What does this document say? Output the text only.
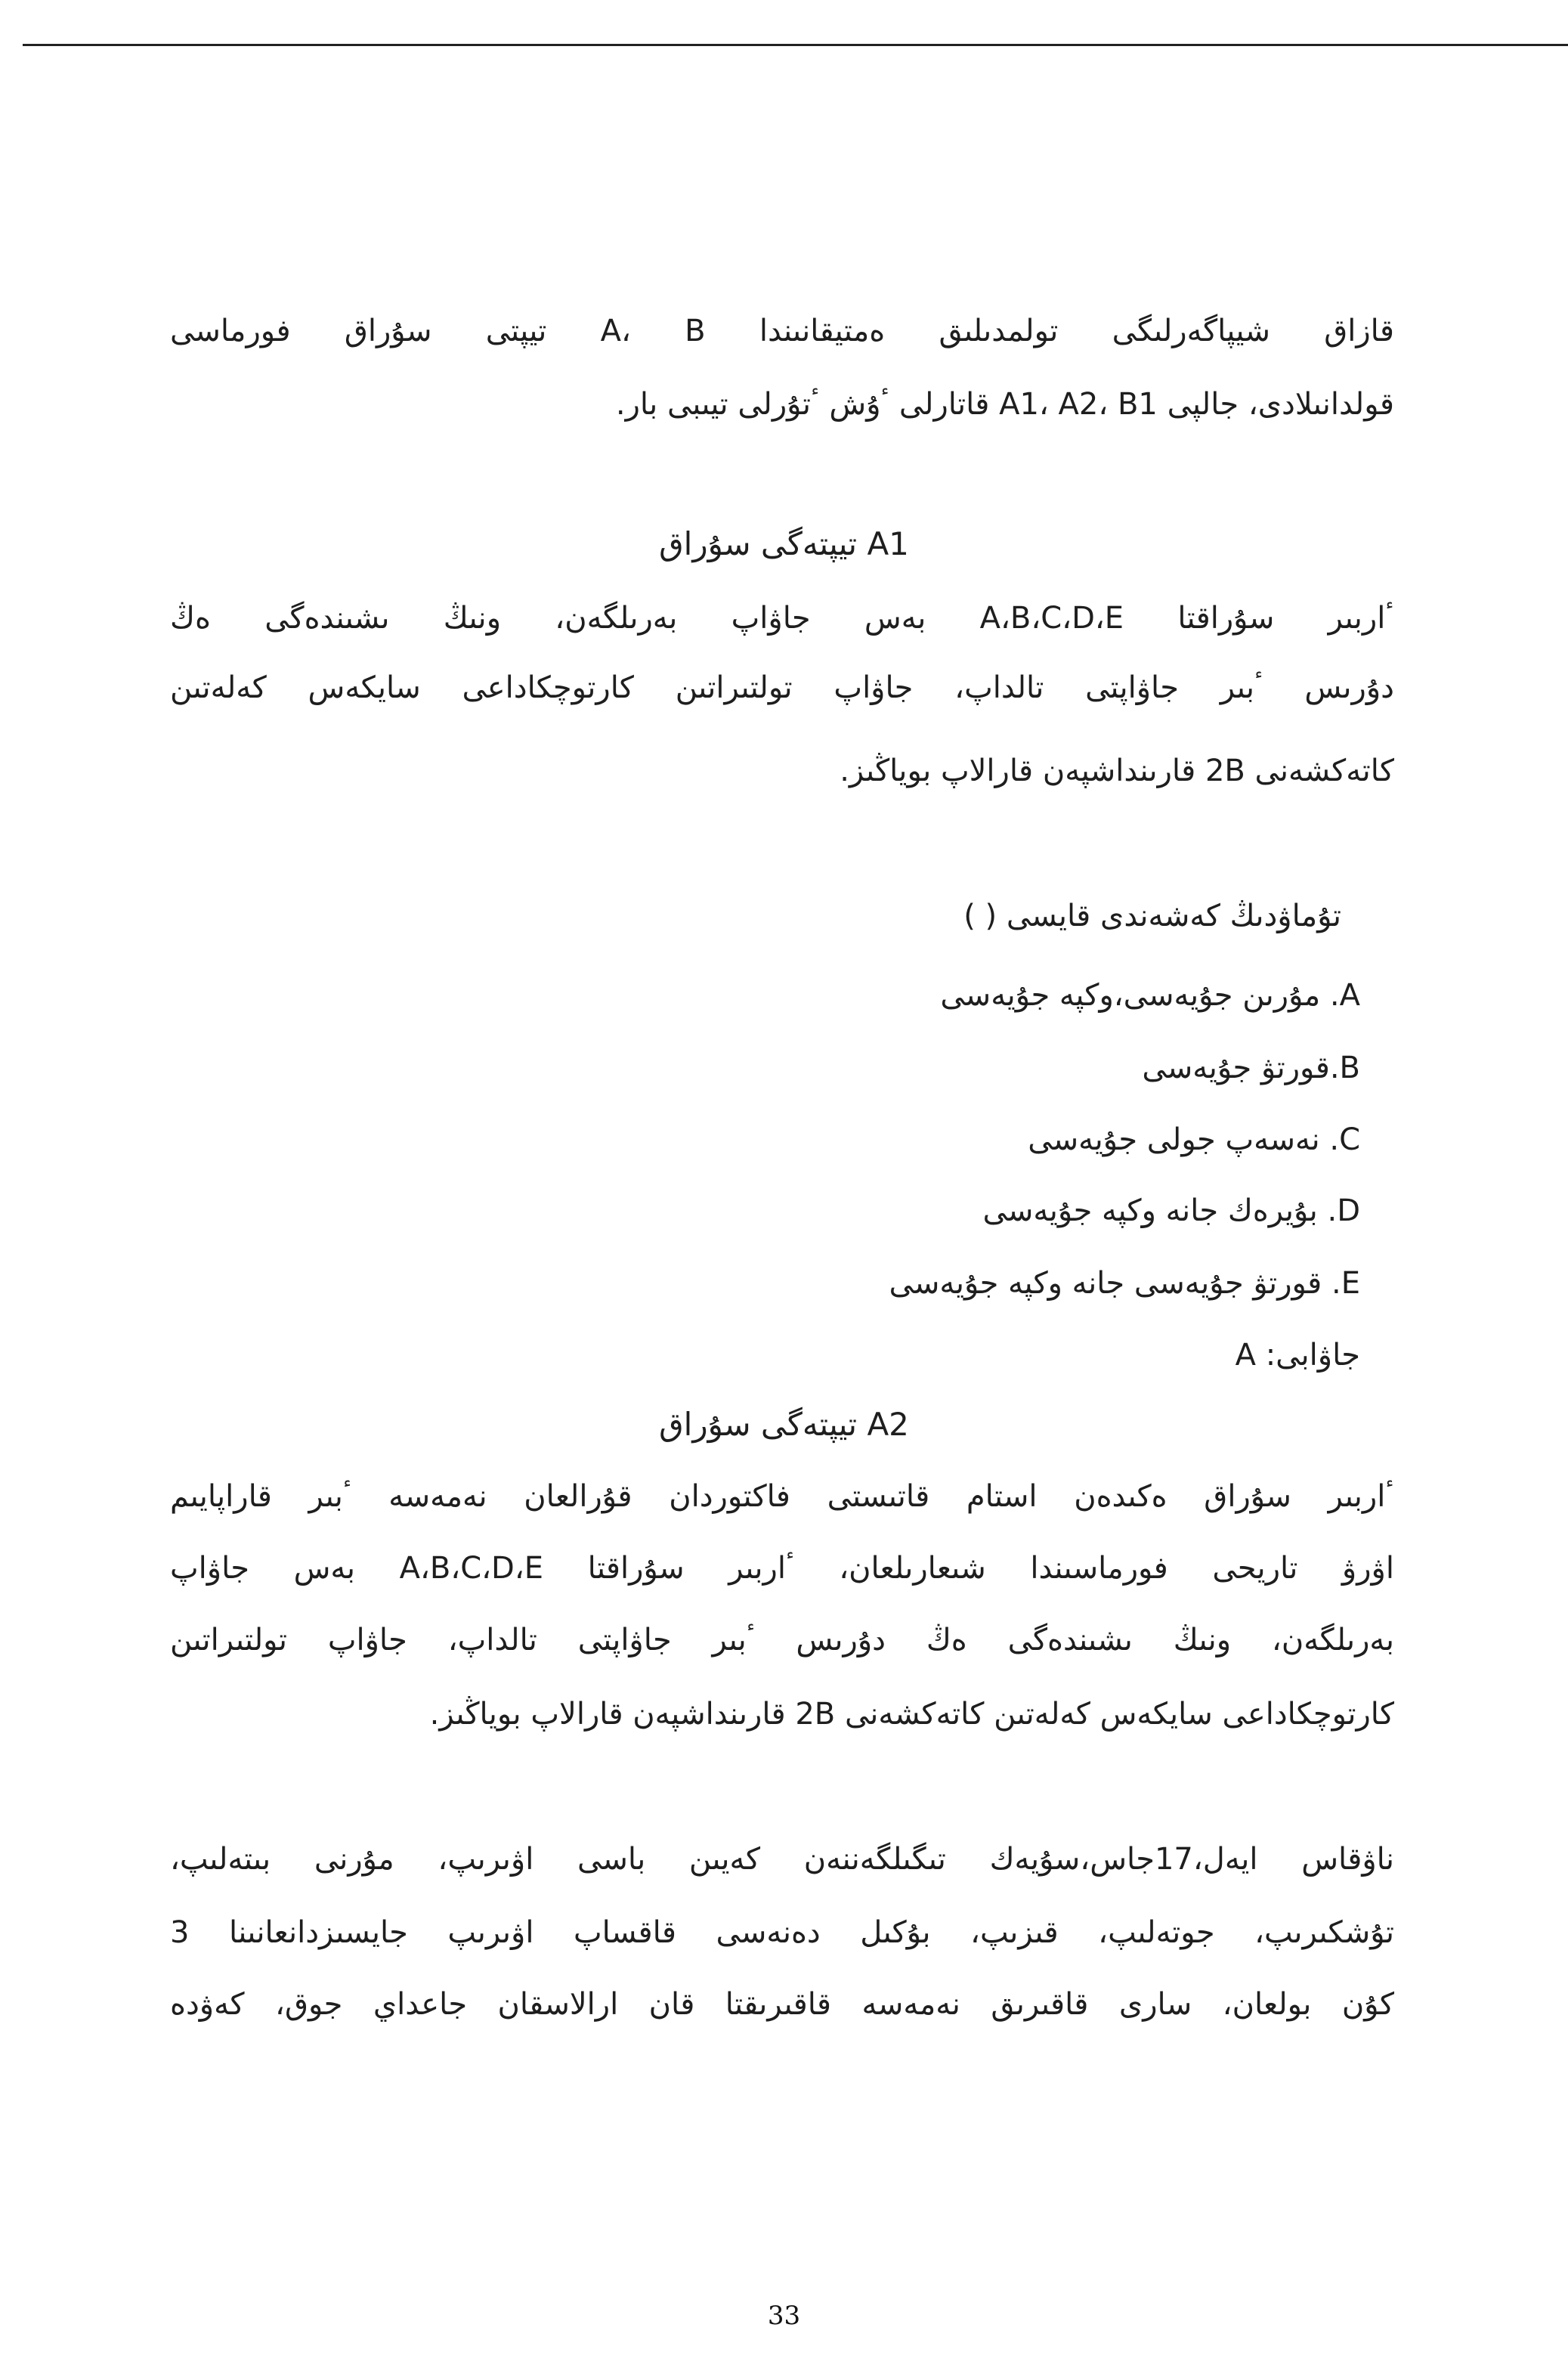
قازاق شيپاگەرلىگى تولمدىلىق ەمتيقانىندا A، B تيپتى سۇراق فورماسى
قولدانىلادى، جالپى A1، A2، B1 قاتارلى ٴۇش ٴتۇرلى تيىبى بار.
A1 تيپتەگى سۇراق
ٴاربىر سۇراقتا A،B،C،D،E بەس جاۋاپ بەرىلگەن، ونىڭ ىشىندەگى ەڭ
دۇرىس ٴبىر جاۋاپتى تالداپ، جاۋاپ تولتىراتىن كارتوچكاداعى سايكەس كەلەتىن
كاتەكشەنى 2B قارىنداشپەن قارالاپ بوياڭىز.
تۇماۋدىڭ كەشەندى قايسى ( )
A. مۇرىن جۇيەسى،وكپە جۇيەسى
B.قورتۋ جۇيەسى
C. نەسەپ جولى جۇيەسى
D. بۇيرەك جانە وكپە جۇيەسى
E. قورتۋ جۇيەسى جانە وكپە جۇيەسى
جاۋابى: A
A2 تيپتەگى سۇراق
ٴاربىر سۇراق ەكىدەن استام قاتىستى فاكتوردان قۇرالعان نەمەسە ٴبىر قاراپايىم
اۋرۋ تاريحى فورماسىندا شىعارىلعان، ٴاربىر سۇراقتا A،B،C،D،E بەس جاۋاپ
بەرىلگەن، ونىڭ ىشىندەگى ەڭ دۇرىس ٴبىر جاۋاپتى تالداپ، جاۋاپ تولتىراتىن
كارتوچكاداعى سايكەس كەلەتىن كاتەكشەنى 2B قارىنداشپەن قارالاپ بوياڭىز.
ناۋقاس ايەل،17جاس،سۇيەك تىگىلگەننەن كەيىن باسى اۋىرىپ، مۇرنى بىتەلىپ،
تۇشكىرىپ، جوتەلىپ، قىزىپ، بۇكىل دەنەسى قاقساپ اۋىرىپ جايسىزدانعانىنا 3
كۇن بولعان، سارى قاقىرىق نەمەسە قاقىرىقتا قان ارالاسقان جاعداي جوق، كەۋدە
33
